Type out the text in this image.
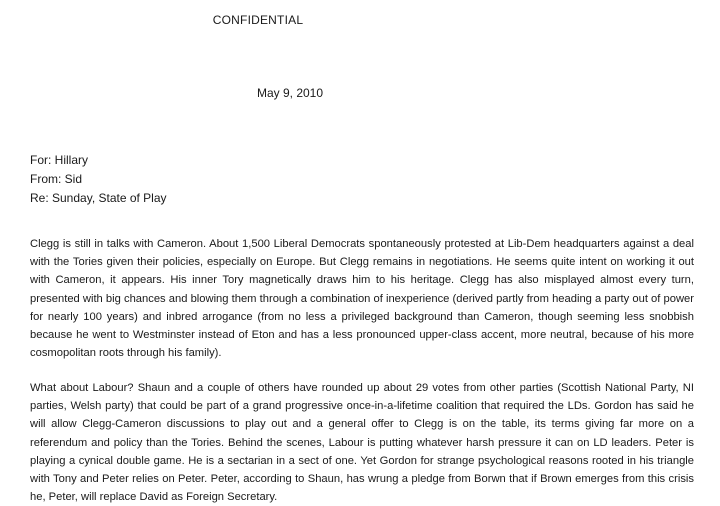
CONFIDENTIAL
May 9, 2010
For: Hillary
From: Sid
Re: Sunday, State of Play

Clegg is still in talks with Cameron. About 1,500 Liberal Democrats spontaneously protested at Lib-Dem headquarters against a deal with the Tories given their policies, especially on Europe. But Clegg remains in negotiations. He seems quite intent on working it out with Cameron, it appears. His inner Tory magnetically draws him to his heritage. Clegg has also misplayed almost every turn, presented with big chances and blowing them through a combination of inexperience (derived partly from heading a party out of power for nearly 100 years) and inbred arrogance (from no less a privileged background than Cameron, though seeming less snobbish because he went to Westminster instead of Eton and has a less pronounced upper-class accent, more neutral, because of his more cosmopolitan roots through his family).

What about Labour? Shaun and a couple of others have rounded up about 29 votes from other parties (Scottish National Party, NI parties, Welsh party) that could be part of a grand progressive once-in-a-lifetime coalition that required the LDs. Gordon has said he will allow Clegg-Cameron discussions to play out and a general offer to Clegg is on the table, its terms giving far more on a referendum and policy than the Tories. Behind the scenes, Labour is putting whatever harsh pressure it can on LD leaders. Peter is playing a cynical double game. He is a sectarian in a sect of one. Yet Gordon for strange psychological reasons rooted in his triangle with Tony and Peter relies on Peter. Peter, according to Shaun, has wrung a pledge from Borwn that if Brown emerges from this crisis he, Peter, will replace David as Foreign Secretary.
